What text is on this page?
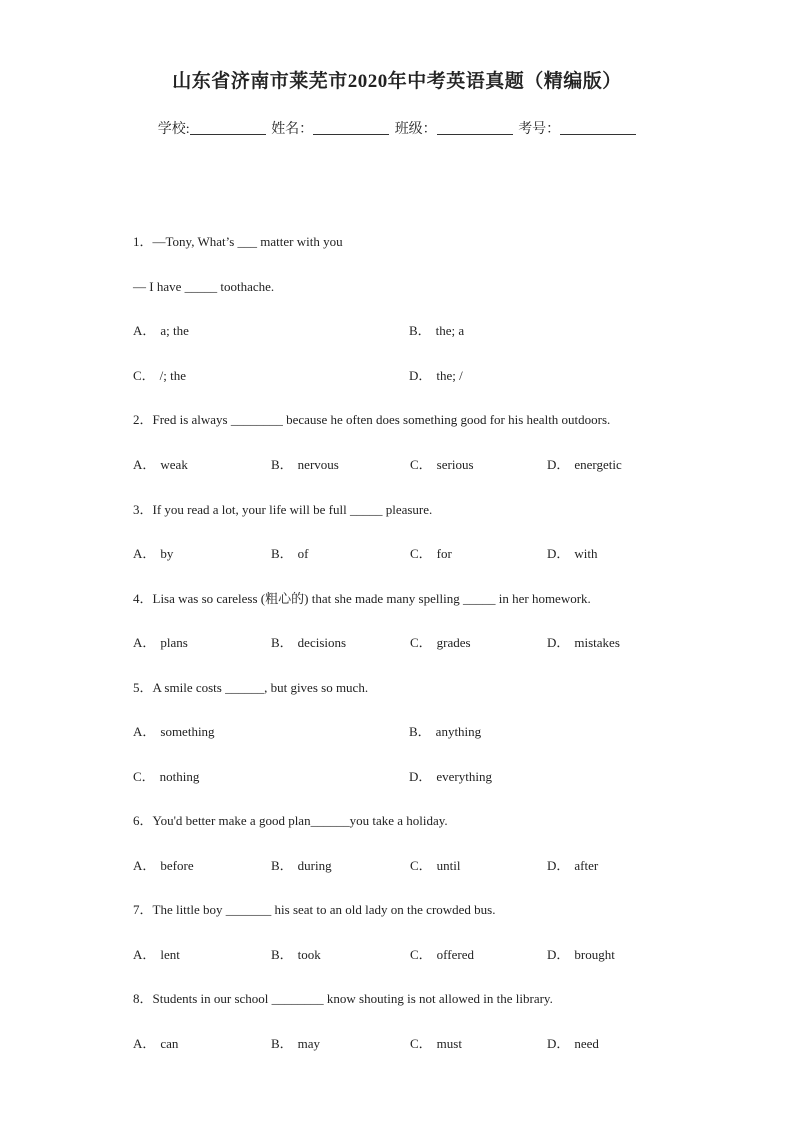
山东省济南市莱芜市2020年中考英语真题（精编版）
学校:	姓名：	班级：	考号：
1．—Tony, What’s ___ matter with you
— I have _____ toothache.
A． a; the	B． the; a
C． /; the	D． the; /
2．Fred is always ________ because he often does something good for his health outdoors.
A． weak	B． nervous	C． serious	D． energetic
3．If you read a lot, your life will be full _____ pleasure.
A． by	B． of	C． for	D． with
4．Lisa was so careless (粗心的) that she made many spelling _____ in her homework.
A． plans	B． decisions	C． grades	D． mistakes
5．A smile costs ______, but gives so much.
A． something	B． anything
C． nothing	D． everything
6．You'd better make a good plan______you take a holiday.
A． before	B． during	C． until	D． after
7．The little boy _______ his seat to an old lady on the crowded bus.
A． lent	B． took	C． offered	D． brought
8．Students in our school ________ know shouting is not allowed in the library.
A． can	B． may	C． must	D． need
